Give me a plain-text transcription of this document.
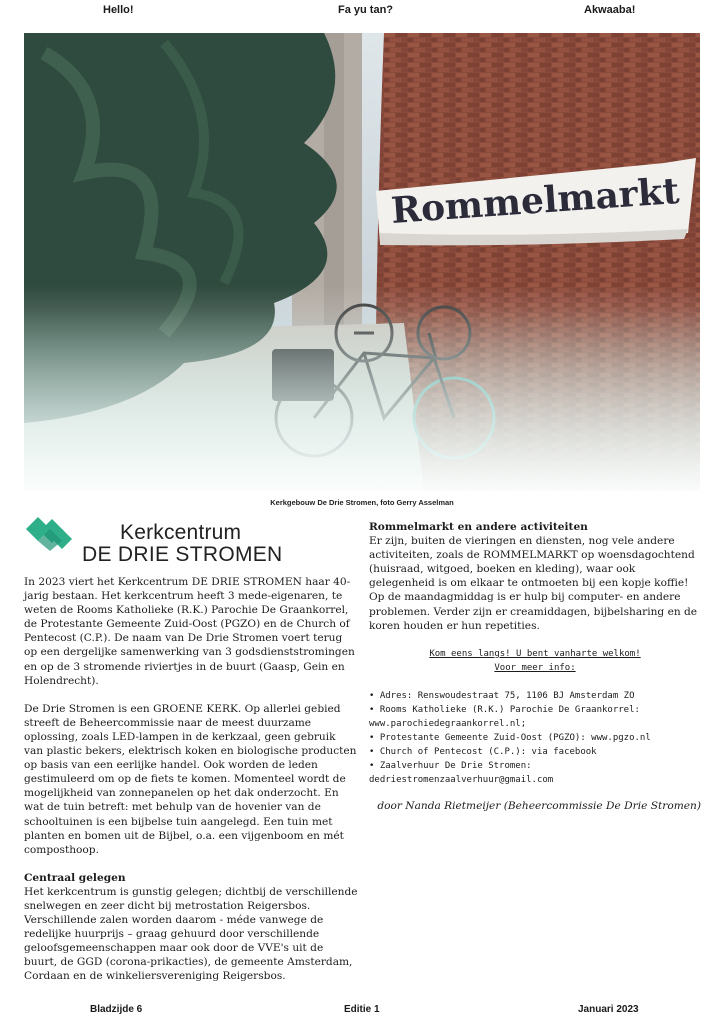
Hello!	Fa yu tan?	Akwaaba!
Kerkgebouw De Drie Stromen, foto Gerry Asselman
Kerkcentrum
DE DRIE STROMEN

In 2023 viert het Kerkcentrum DE DRIE STROMEN haar 40-jarig bestaan. Het kerkcentrum heeft 3 mede-eigenaren, te weten de Rooms Katholieke (R.K.) Parochie De Graankorrel, de Protestante Gemeente Zuid-Oost (PGZO) en de Church of Pentecost (C.P.). De naam van De Drie Stromen voert terug op een dergelijke samenwerking van 3 godsdienststromingen en op de 3 stromende riviertjes in de buurt (Gaasp, Gein en Holendrecht).

De Drie Stromen is een GROENE KERK. Op allerlei gebied streeft de Beheercommissie naar de meest duurzame oplossing, zoals LED-lampen in de kerkzaal, geen gebruik van plastic bekers, elektrisch koken en biologische producten op basis van een eerlijke handel. Ook worden de leden gestimuleerd om op de fiets te komen. Momenteel wordt de mogelijkheid van zonnepanelen op het dak onderzocht. En wat de tuin betreft: met behulp van de hovenier van de schooltuinen is een bijbelse tuin aangelegd. Een tuin met planten en bomen uit de Bijbel, o.a. een vijgenboom en mét composthoop.

Centraal gelegen

Het kerkcentrum is gunstig gelegen; dichtbij de verschillende snelwegen en zeer dicht bij metrostation Reigersbos. Verschillende zalen worden daarom - méde vanwege de redelijke huurprijs – graag gehuurd door verschillende geloofsgemeenschappen maar ook door de VVE's uit de buurt, de GGD (corona-prikacties), de gemeente Amsterdam, Cordaan en de winkeliersvereniging Reigersbos.

Rommelmarkt en andere activiteiten

Er zijn, buiten de vieringen en diensten, nog vele andere activiteiten, zoals de ROMMELMARKT op woensdagochtend (huisraad, witgoed, boeken en kleding), waar ook gelegenheid is om elkaar te ontmoeten bij een kopje koffie! Op de maandagmiddag is er hulp bij computer- en andere problemen. Verder zijn er creamiddagen, bijbelsharing en de koren houden er hun repetities.

Kom eens langs! U bent vanharte welkom!
Voor meer info:
• Adres: Renswoudestraat 75, 1106 BJ Amsterdam ZO
• Rooms Katholieke (R.K.) Parochie De Graankorrel: www.parochiedegraankorrel.nl;
• Protestante Gemeente Zuid-Oost (PGZO): www.pgzo.nl
• Church of Pentecost (C.P.): via facebook
• Zaalverhuur De Drie Stromen: dedriestromenzaalverhuur@gmail.com
door Nanda Rietmeijer (Beheercommissie De Drie Stromen)
Bladzijde 6	Editie 1	Januari 2023
